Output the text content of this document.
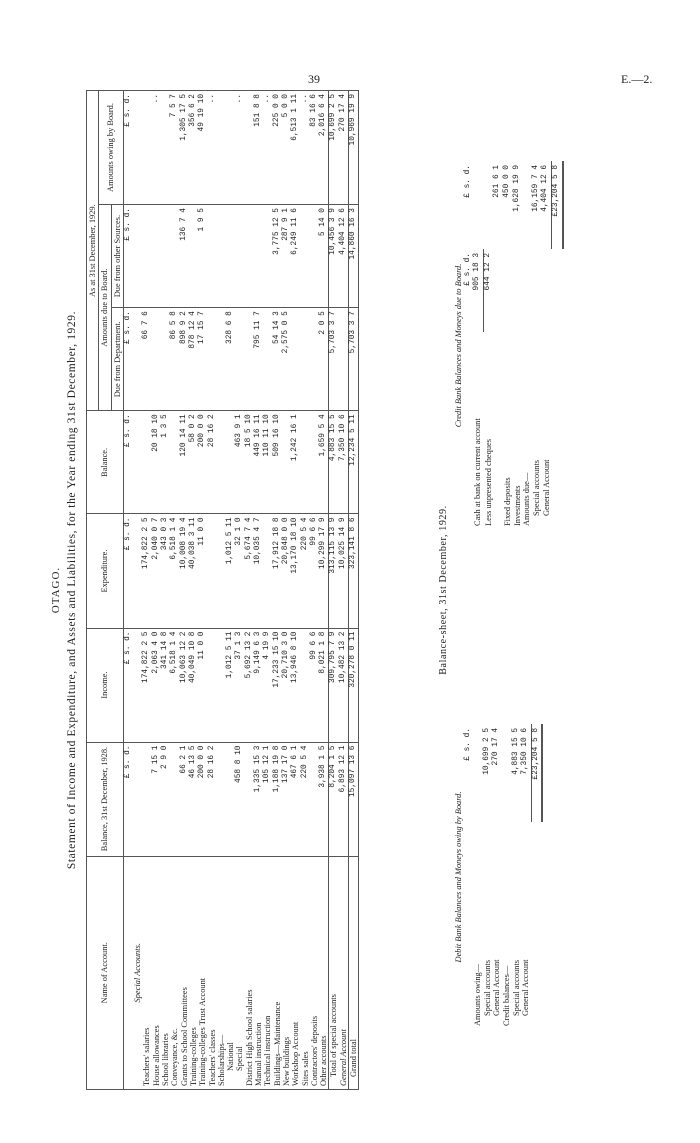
39	E.—2.
OTAGO. Statement of Income and Expenditure, and Assets and Liabilities, for the Year ending 31st December, 1929.
Name of Account.	Balance, 31st December, 1928.	Income.	Expenditure.	Balance.	As at 31st December, 1929.		
					Amounts due to Board.		Amounts owing by Board.
					Due from Department.	Due from other Sources.	
	£ s. d.	£ s. d.	£ s. d.	£ s. d.	£ s. d.	£ s. d.	£ s. d.
Special Accounts.							
Teachers' salaries		174,822 2 5	174,822 2 5		66 7 6		
House allowances	7 15 1	2,063 4 0	2,040 0 7	20 18 10			..
School libraries	2 9 0	341 14 8	343 0 3	1 3 5			
Conveyance, &c.		6,518 1 4	6,518 1 4		86 5 8		7 5 7
Grants to School Committees	66 2 1	10,063 12 2	10,008 19 4	120 14 11	898 9 2	136 7 4	1,305 17 5
Training-colleges	46 13 5	40,049 10 8	40,038 3 11	58 0 2	878 12 4		356 6 2
Training-colleges Trust Account	200 0 0	11 0 0	11 0 0	200 0 0	17 15 7	1 9 5	49 19 10
Teachers' classes	28 16 2			28 16 2			..
Scholarships—							
National		1,012 5 11	1,012 5 11		328 6 8		
Special	458 8 10	37 1 3	32 1 0	463 9 1			..
District High School salaries		5,692 13 2	5,674 7 4	18 5 10			
Manual instruction	1,335 15 3	9,149 6 3	10,035 4 7	449 16 11	795 11 7		151 8 8
Technical instruction	105 12 1	4 19 9		110 11 10			..
Buildings—Maintenance	1,188 19 8	17,233 15 10	17,912 18 8	509 16 10	54 14 3	3,775 12 5	225 0 0
New buildings	137 17 0	20,710 3 0	20,848 0 0		2,575 0 5	287 9 1	5 0 0
Workshop Account	467 6 1	13,946 8 10	13,170 18 10	1,242 16 1		6,249 11 6	6,513 1 11
Sites sales	220 5 4		220 5 4				..
Contractors' deposits		99 6 6	99 6 6				83 16 6
Other accounts	3,938 1 5	8,021 1 8	10,299 17 9	1,659 5 4	2 0 5	5 14 0	2,016 6 4
Total of special accounts	8,204 1 5	309,795 7 9	313,115 13 9	4,883 15 5	5,703 3 7	10,456 3 9	10,699 2 5
General Account	6,893 12 1	10,482 13 2	10,025 14 9	7,350 10 6		4,404 12 6	270 17 4
Grand total	15,097 13 6	320,278 0 11	323,141 8 6	12,234 5 11	5,703 3 7	14,860 16 3	10,969 19 9
Balance-sheet, 31st December, 1929.
Debit Bank Balances and Moneys owing by Board.
	£ s. d.
Amounts owing—	
Special accounts	10,699 2 5
General Account	270 17 4
Credit balances—	
Special accounts	4,883 15 5
General Account	7,350 10 6
	£23,204 5 8
Credit Bank Balances and Moneys due to Board.
	£ s. d.	£ s. d.
Cash at bank on current account	905 18 3	
Less unpresented cheques	644 12 2	
		261 6 1
Fixed deposits		450 0 0
Investments		1,628 19 9
Amounts due—		
Special accounts		16,159 7 4
General Account		4,404 12 6
		£23,204 5 8
